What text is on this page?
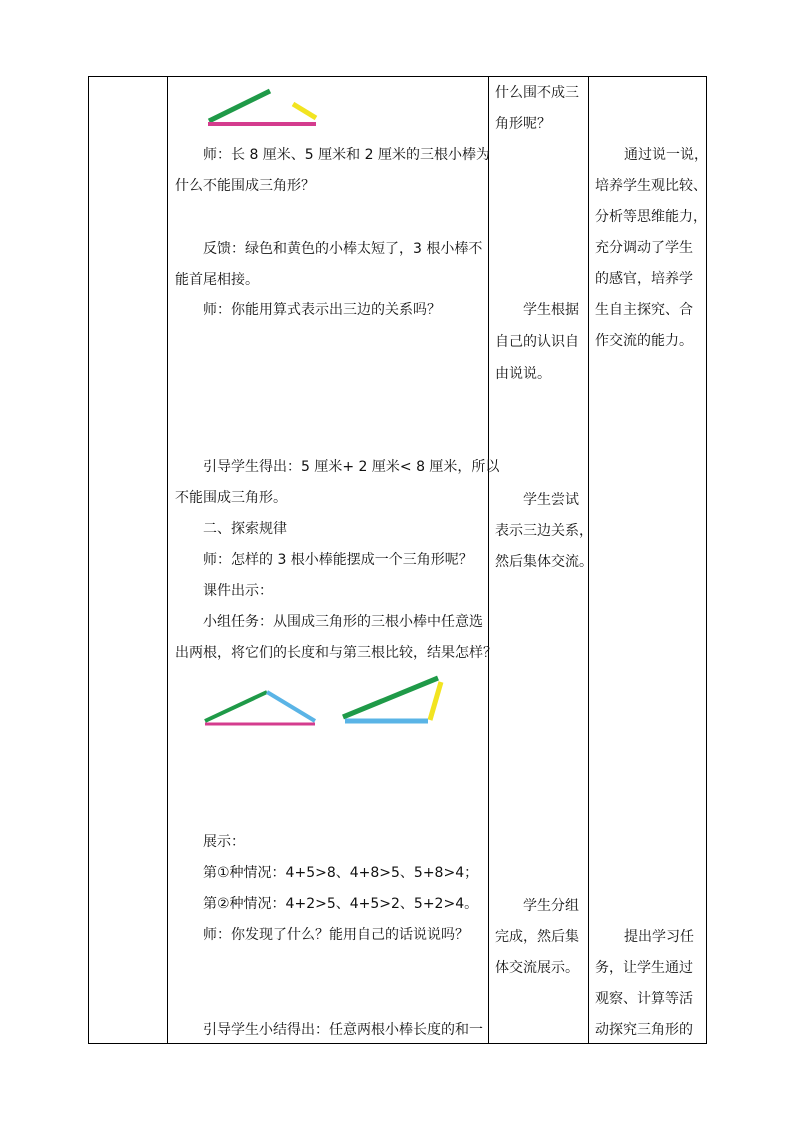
师：长 8 厘米、5 厘米和 2 厘米的三根小棒为
什么不能围成三角形？
反馈：绿色和黄色的小棒太短了，3 根小棒不
能首尾相接。
师：你能用算式表示出三边的关系吗？
引导学生得出：5 厘米+ 2 厘米< 8 厘米，所以
不能围成三角形。
二、探索规律
师：怎样的 3 根小棒能摆成一个三角形呢？
课件出示：
小组任务：从围成三角形的三根小棒中任意选
出两根，将它们的长度和与第三根比较，结果怎样？
展示：
第①种情况：4+5>8、4+8>5、5+8>4；
第②种情况：4+2>5、4+5>2、5+2>4。
师：你发现了什么？能用自己的话说说吗？
引导学生小结得出：任意两根小棒长度的和一
什么围不成三
角形呢？
学生根据
自己的认识自
由说说。
学生尝试
表示三边关系，
然后集体交流。
学生分组
完成，然后集
体交流展示。
通过说一说，
培养学生观比较、
分析等思维能力，
充分调动了学生
的感官，培养学
生自主探究、合
作交流的能力。
提出学习任
务，让学生通过
观察、计算等活
动探究三角形的
